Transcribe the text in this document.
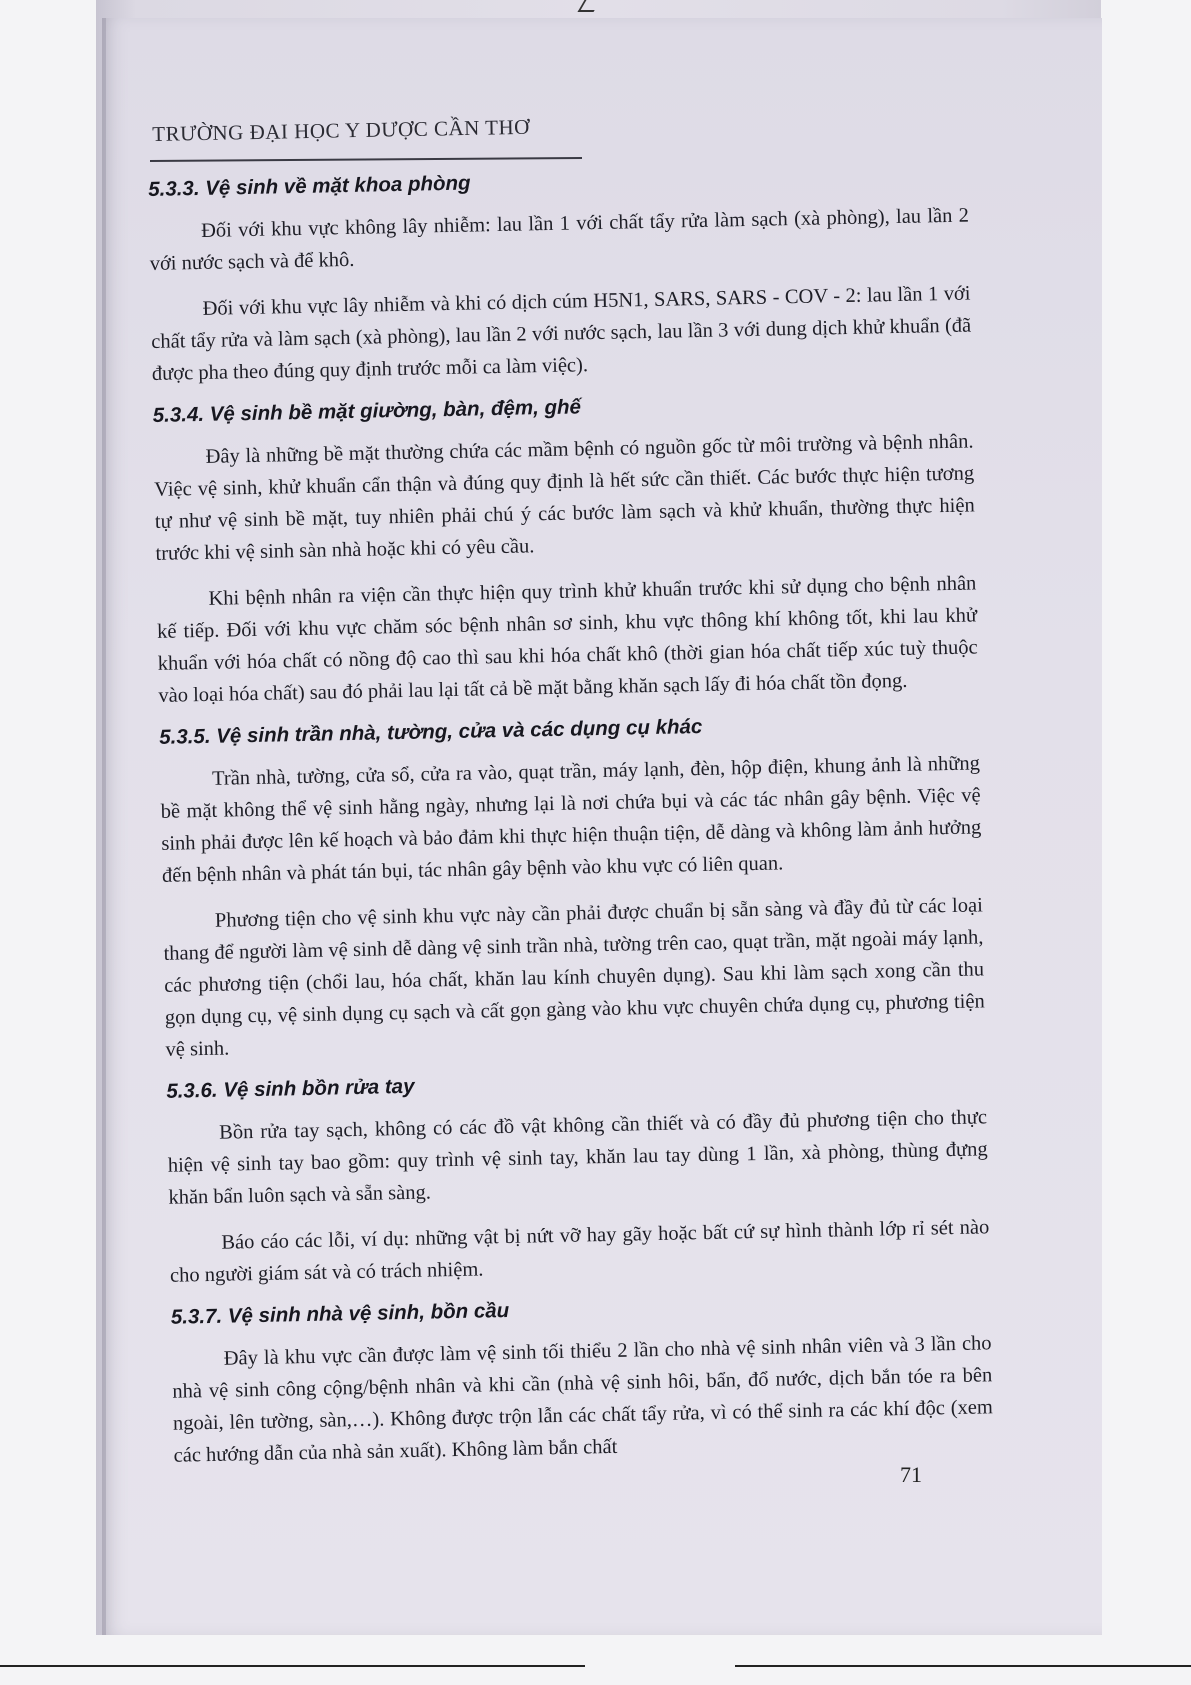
TRƯỜNG ĐẠI HỌC Y DƯỢC CẦN THƠ
5.3.3. Vệ sinh về mặt khoa phòng

Đối với khu vực không lây nhiễm: lau lần 1 với chất tẩy rửa làm sạch (xà phòng), lau lần 2 với nước sạch và để khô.

Đối với khu vực lây nhiễm và khi có dịch cúm H5N1, SARS, SARS - COV - 2: lau lần 1 với chất tẩy rửa và làm sạch (xà phòng), lau lần 2 với nước sạch, lau lần 3 với dung dịch khử khuẩn (đã được pha theo đúng quy định trước mỗi ca làm việc).

5.3.4. Vệ sinh bề mặt giường, bàn, đệm, ghế

Đây là những bề mặt thường chứa các mầm bệnh có nguồn gốc từ môi trường và bệnh nhân. Việc vệ sinh, khử khuẩn cẩn thận và đúng quy định là hết sức cần thiết. Các bước thực hiện tương tự như vệ sinh bề mặt, tuy nhiên phải chú ý các bước làm sạch và khử khuẩn, thường thực hiện trước khi vệ sinh sàn nhà hoặc khi có yêu cầu.

Khi bệnh nhân ra viện cần thực hiện quy trình khử khuẩn trước khi sử dụng cho bệnh nhân kế tiếp. Đối với khu vực chăm sóc bệnh nhân sơ sinh, khu vực thông khí không tốt, khi lau khử khuẩn với hóa chất có nồng độ cao thì sau khi hóa chất khô (thời gian hóa chất tiếp xúc tuỳ thuộc vào loại hóa chất) sau đó phải lau lại tất cả bề mặt bằng khăn sạch lấy đi hóa chất tồn đọng.

5.3.5. Vệ sinh trần nhà, tường, cửa và các dụng cụ khác

Trần nhà, tường, cửa sổ, cửa ra vào, quạt trần, máy lạnh, đèn, hộp điện, khung ảnh là những bề mặt không thể vệ sinh hằng ngày, nhưng lại là nơi chứa bụi và các tác nhân gây bệnh. Việc vệ sinh phải được lên kế hoạch và bảo đảm khi thực hiện thuận tiện, dễ dàng và không làm ảnh hưởng đến bệnh nhân và phát tán bụi, tác nhân gây bệnh vào khu vực có liên quan.

Phương tiện cho vệ sinh khu vực này cần phải được chuẩn bị sẵn sàng và đầy đủ từ các loại thang để người làm vệ sinh dễ dàng vệ sinh trần nhà, tường trên cao, quạt trần, mặt ngoài máy lạnh, các phương tiện (chổi lau, hóa chất, khăn lau kính chuyên dụng). Sau khi làm sạch xong cần thu gọn dụng cụ, vệ sinh dụng cụ sạch và cất gọn gàng vào khu vực chuyên chứa dụng cụ, phương tiện vệ sinh.

5.3.6. Vệ sinh bồn rửa tay

Bồn rửa tay sạch, không có các đồ vật không cần thiết và có đầy đủ phương tiện cho thực hiện vệ sinh tay bao gồm: quy trình vệ sinh tay, khăn lau tay dùng 1 lần, xà phòng, thùng đựng khăn bẩn luôn sạch và sẵn sàng.

Báo cáo các lỗi, ví dụ: những vật bị nứt vỡ hay gãy hoặc bất cứ sự hình thành lớp rỉ sét nào cho người giám sát và có trách nhiệm.

5.3.7. Vệ sinh nhà vệ sinh, bồn cầu

Đây là khu vực cần được làm vệ sinh tối thiểu 2 lần cho nhà vệ sinh nhân viên và 3 lần cho nhà vệ sinh công cộng/bệnh nhân và khi cần (nhà vệ sinh hôi, bẩn, đổ nước, dịch bắn tóe ra bên ngoài, lên tường, sàn,…). Không được trộn lẫn các chất tẩy rửa, vì có thể sinh ra các khí độc (xem các hướng dẫn của nhà sản xuất). Không làm bắn chất

71
